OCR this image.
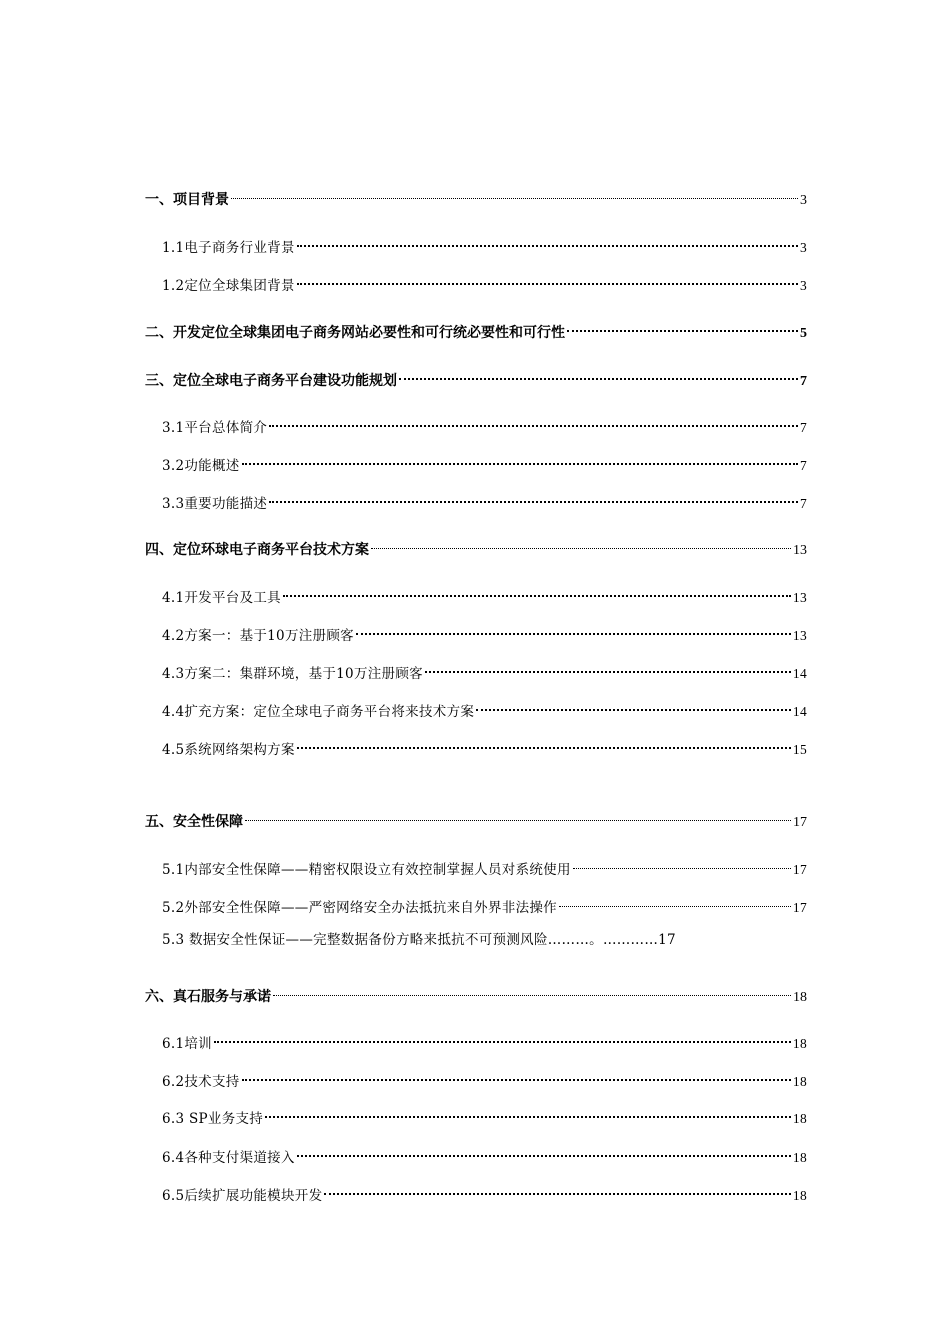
一、项目背景	3
1.1电子商务行业背景	3
1.2定位全球集团背景	3
二、开发定位全球集团电子商务网站必要性和可行统必要性和可行性	5
三、定位全球电子商务平台建设功能规划	7
3.1平台总体简介	7
3.2功能概述	7
3.3重要功能描述	7
四、定位环球电子商务平台技术方案	13
4.1开发平台及工具	13
4.2方案一：基于10万注册顾客	13
4.3方案二：集群环境，基于10万注册顾客	14
4.4扩充方案：定位全球电子商务平台将来技术方案	14
4.5系统网络架构方案	15
五、安全性保障	17
5.1内部安全性保障——精密权限设立有效控制掌握人员对系统使用	17
5.2外部安全性保障——严密网络安全办法抵抗来自外界非法操作	17
5.3 数据安全性保证——完整数据备份方略来抵抗不可预测风险………。…………17
六、真石服务与承诺	18
6.1培训	18
6.2技术支持	18
6.3 SP业务支持	18
6.4各种支付渠道接入	18
6.5后续扩展功能模块开发	18
